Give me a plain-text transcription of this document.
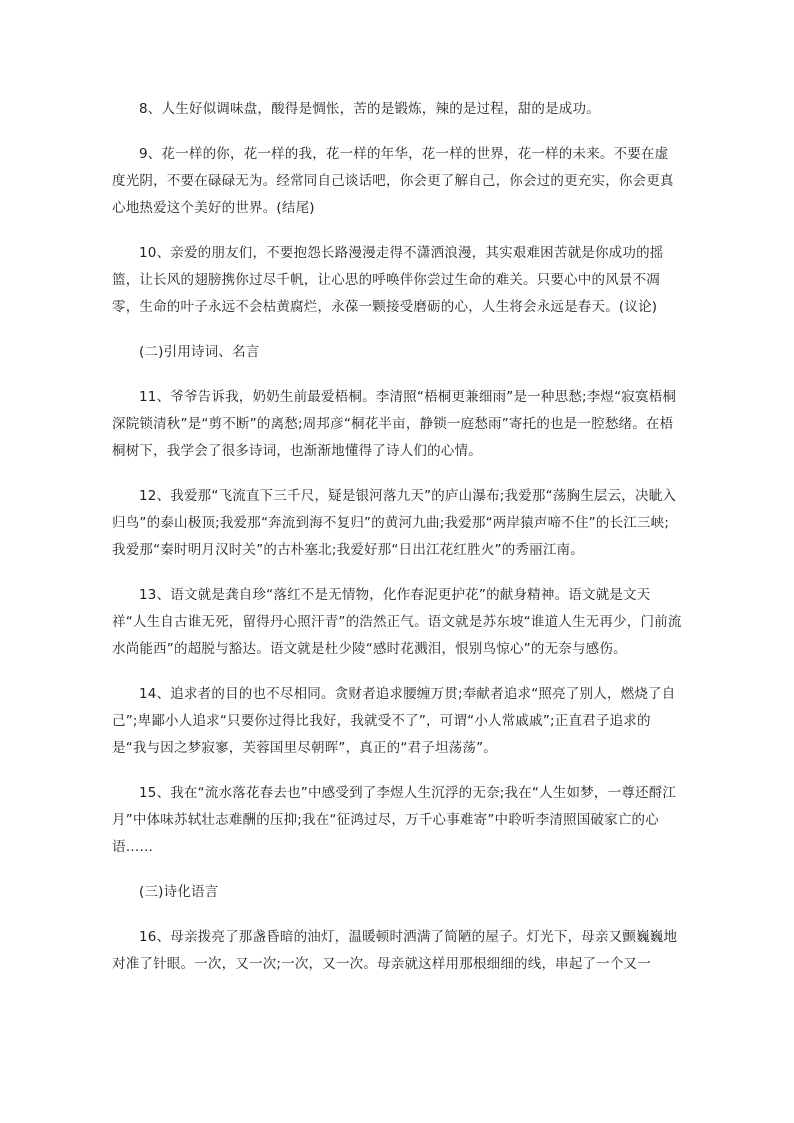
8、人生好似调味盘，酸得是惆怅，苦的是锻炼，辣的是过程，甜的是成功。

9、花一样的你，花一样的我，花一样的年华，花一样的世界，花一样的未来。不要在虚度光阴，不要在碌碌无为。经常同自己谈话吧，你会更了解自己，你会过的更充实，你会更真心地热爱这个美好的世界。(结尾)

10、亲爱的朋友们，不要抱怨长路漫漫走得不潇洒浪漫，其实艰难困苦就是你成功的摇篮，让长风的翅膀携你过尽千帆，让心思的呼唤伴你尝过生命的难关。只要心中的风景不凋零，生命的叶子永远不会枯黄腐烂，永葆一颗接受磨砺的心，人生将会永远是春天。(议论)

(二)引用诗词、名言

11、爷爷告诉我，奶奶生前最爱梧桐。李清照“梧桐更兼细雨”是一种思愁;李煜“寂寞梧桐深院锁清秋”是“剪不断”的离愁;周邦彦“桐花半亩，静锁一庭愁雨”寄托的也是一腔愁绪。在梧桐树下，我学会了很多诗词，也渐渐地懂得了诗人们的心情。

12、我爱那“飞流直下三千尺，疑是银河落九天”的庐山瀑布;我爱那“荡胸生层云，决眦入归鸟”的泰山极顶;我爱那“奔流到海不复归”的黄河九曲;我爱那“两岸猿声啼不住”的长江三峡;我爱那“秦时明月汉时关”的古朴塞北;我爱好那“日出江花红胜火”的秀丽江南。

13、语文就是龚自珍“落红不是无情物，化作春泥更护花”的献身精神。语文就是文天祥“人生自古谁无死，留得丹心照汗青”的浩然正气。语文就是苏东坡“谁道人生无再少，门前流水尚能西”的超脱与豁达。语文就是杜少陵“感时花溅泪，恨别鸟惊心”的无奈与感伤。

14、追求者的目的也不尽相同。贪财者追求腰缠万贯;奉献者追求“照亮了别人，燃烧了自己”;卑鄙小人追求“只要你过得比我好，我就受不了”，可谓“小人常戚戚”;正直君子追求的是“我与因之梦寂寥，芙蓉国里尽朝晖”，真正的“君子坦荡荡”。

15、我在“流水落花春去也”中感受到了李煜人生沉浮的无奈;我在“人生如梦，一尊还酹江月”中体味苏轼壮志难酬的压抑;我在“征鸿过尽，万千心事难寄”中聆听李清照国破家亡的心语……

(三)诗化语言

16、母亲拨亮了那盏昏暗的油灯，温暖顿时洒满了简陋的屋子。灯光下，母亲又颤巍巍地对准了针眼。一次，又一次;一次，又一次。母亲就这样用那根细细的线，串起了一个又一
